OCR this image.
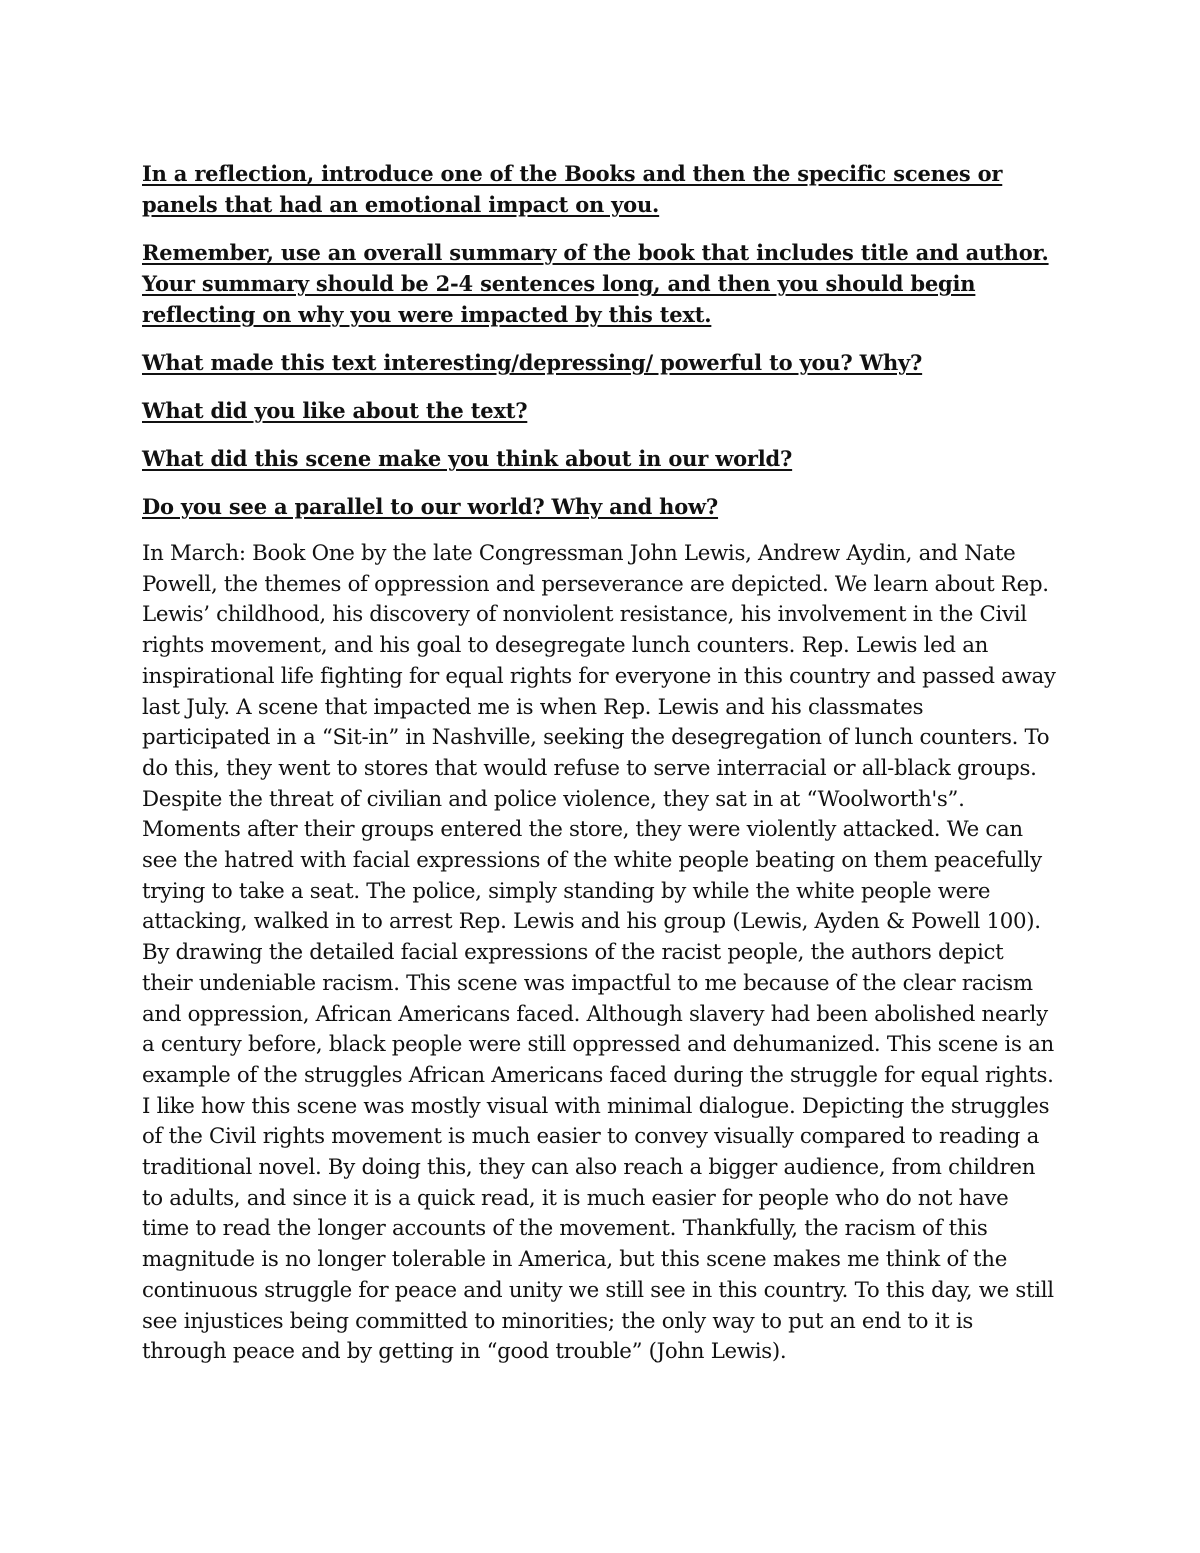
In a reflection, introduce one of the Books and then the specific scenes or panels that had an emotional impact on you.

Remember, use an overall summary of the book that includes title and author. Your summary should be 2-4 sentences long, and then you should begin reflecting on why you were impacted by this text.

What made this text interesting/depressing/ powerful to you? Why?

What did you like about the text?

What did this scene make you think about in our world?

Do you see a parallel to our world? Why and how?

In March: Book One by the late Congressman John Lewis, Andrew Aydin, and Nate Powell, the themes of oppression and perseverance are depicted. We learn about Rep. Lewis’ childhood, his discovery of nonviolent resistance, his involvement in the Civil rights movement, and his goal to desegregate lunch counters. Rep. Lewis led an inspirational life fighting for equal rights for everyone in this country and passed away last July. A scene that impacted me is when Rep. Lewis and his classmates participated in a “Sit-in” in Nashville, seeking the desegregation of lunch counters. To do this, they went to stores that would refuse to serve interracial or all-black groups. Despite the threat of civilian and police violence, they sat in at “Woolworth's”. Moments after their groups entered the store, they were violently attacked. We can see the hatred with facial expressions of the white people beating on them peacefully trying to take a seat. The police, simply standing by while the white people were attacking, walked in to arrest Rep. Lewis and his group (Lewis, Ayden & Powell 100). By drawing the detailed facial expressions of the racist people, the authors depict their undeniable racism. This scene was impactful to me because of the clear racism and oppression, African Americans faced. Although slavery had been abolished nearly a century before, black people were still oppressed and dehumanized. This scene is an example of the struggles African Americans faced during the struggle for equal rights. I like how this scene was mostly visual with minimal dialogue. Depicting the struggles of the Civil rights movement is much easier to convey visually compared to reading a traditional novel. By doing this, they can also reach a bigger audience, from children to adults, and since it is a quick read, it is much easier for people who do not have time to read the longer accounts of the movement. Thankfully, the racism of this magnitude is no longer tolerable in America, but this scene makes me think of the continuous struggle for peace and unity we still see in this country. To this day, we still see injustices being committed to minorities; the only way to put an end to it is through peace and by getting in “good trouble” (John Lewis).
